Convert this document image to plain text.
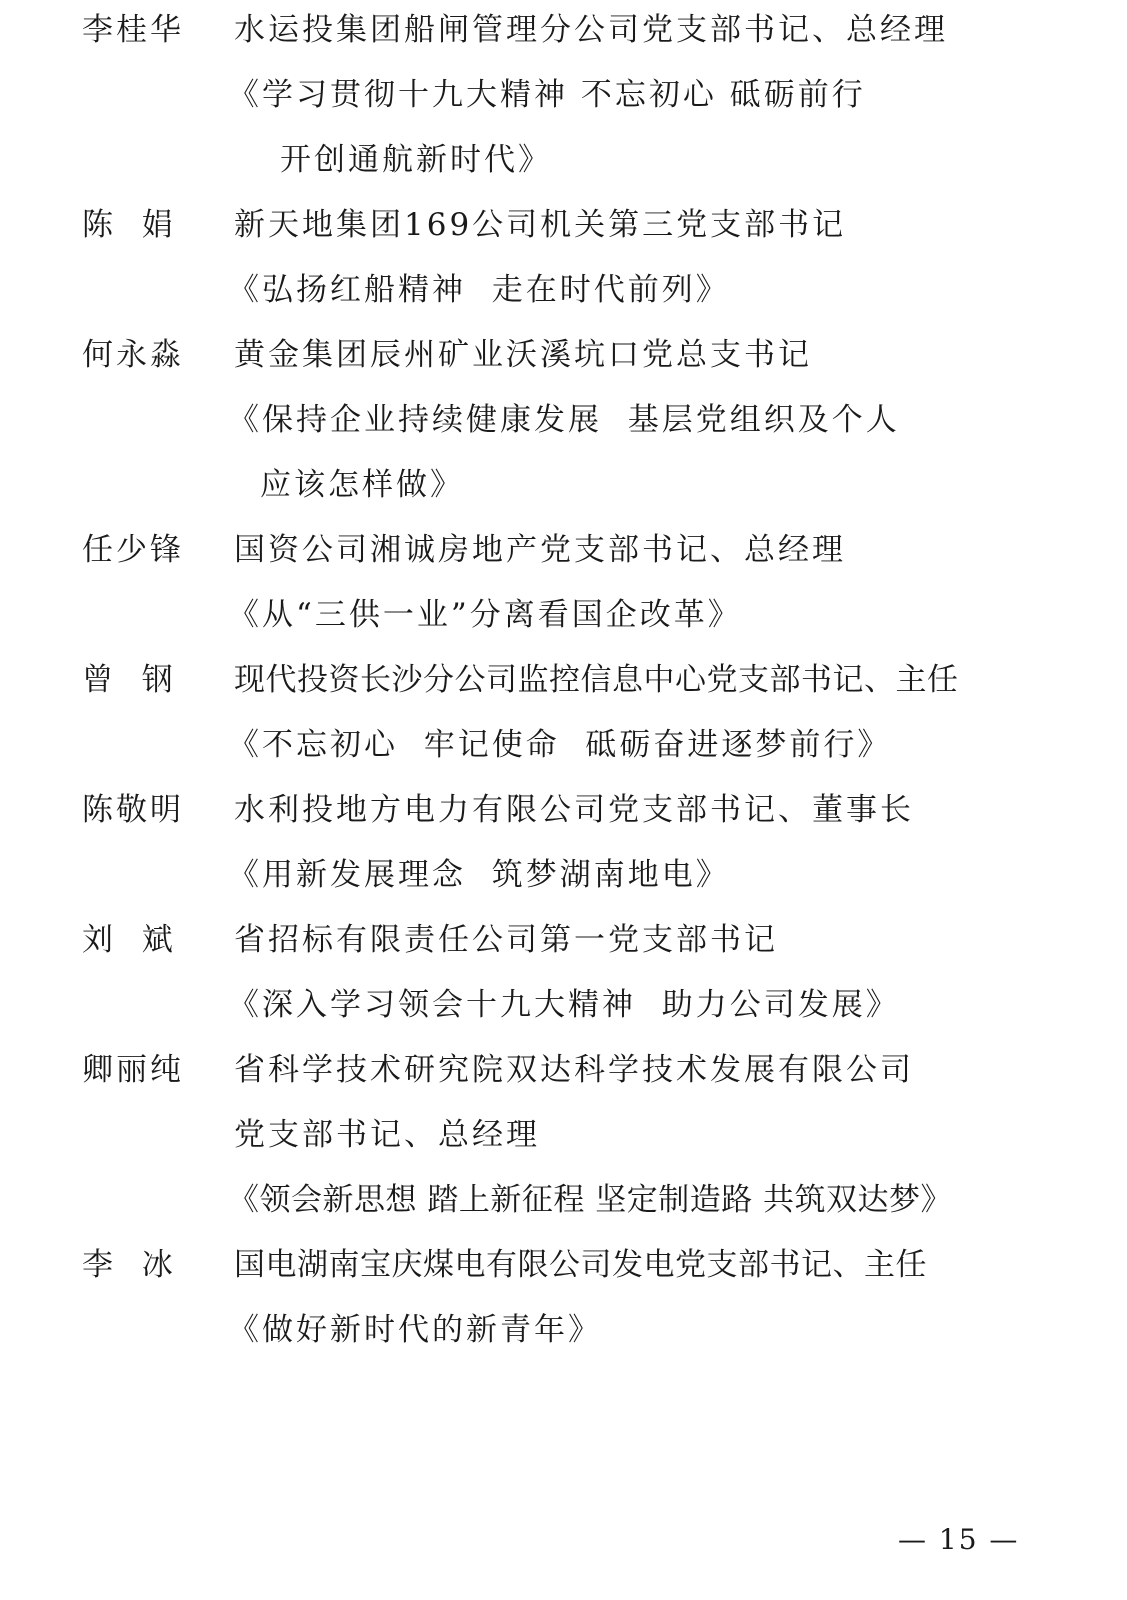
李桂华 水运投集团船闸管理分公司党支部书记、总经理
《学习贯彻十九大精神 不忘初心 砥砺前行
开创通航新时代》
陈  娟 新天地集团169公司机关第三党支部书记
《弘扬红船精神  走在时代前列》
何永淼 黄金集团辰州矿业沃溪坑口党总支书记
《保持企业持续健康发展  基层党组织及个人
应该怎样做》
任少锋 国资公司湘诚房地产党支部书记、总经理
《从“三供一业”分离看国企改革》
曾  钢 现代投资长沙分公司监控信息中心党支部书记、主任
《不忘初心  牢记使命  砥砺奋进逐梦前行》
陈敬明 水利投地方电力有限公司党支部书记、董事长
《用新发展理念  筑梦湖南地电》
刘  斌 省招标有限责任公司第一党支部书记
《深入学习领会十九大精神  助力公司发展》
卿丽纯 省科学技术研究院双达科学技术发展有限公司
党支部书记、总经理
《领会新思想 踏上新征程 坚定制造路 共筑双达梦》
李  冰 国电湖南宝庆煤电有限公司发电党支部书记、主任
《做好新时代的新青年》
— 15 —
